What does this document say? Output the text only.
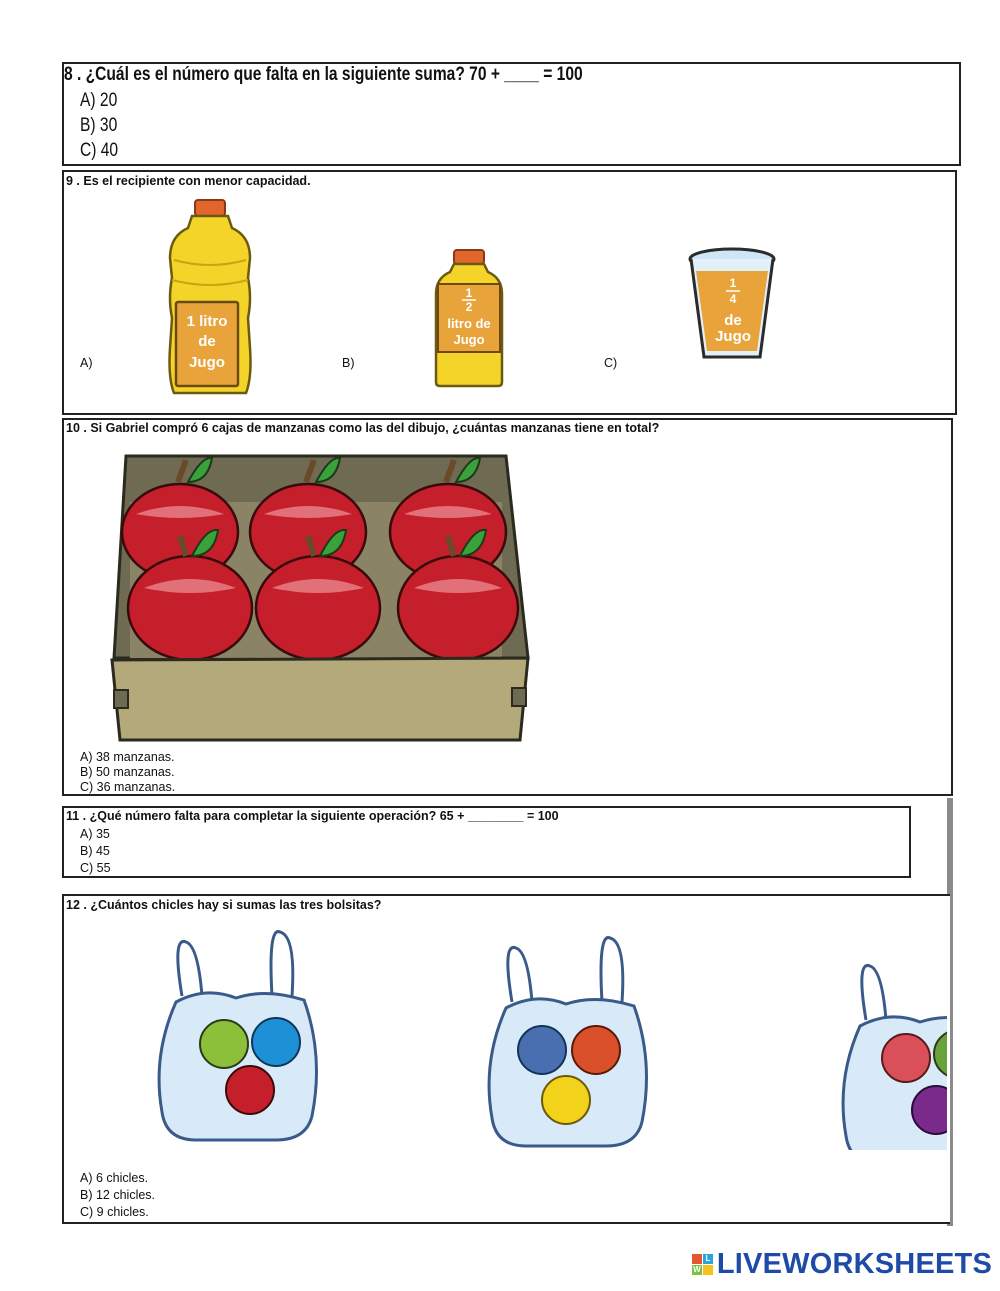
8 . ¿Cuál es el número que falta en la siguiente suma? 70 + ____ = 100
A) 20
B) 30
C) 40
9 . Es el recipiente con menor capacidad.
A)	B)	C)
1 litro
de
Jugo
1
2
litro de
Jugo
1
4
de
Jugo
10 . Si Gabriel compró 6 cajas de manzanas como las del dibujo, ¿cuántas manzanas tiene en total?
A) 38 manzanas.
B) 50 manzanas.
C) 36 manzanas.
11 . ¿Qué número falta para completar la siguiente operación? 65 + ________ = 100
A) 35
B) 45
C) 55
12 . ¿Cuántos chicles hay si sumas las tres bolsitas?
A) 6 chicles.
B) 12 chicles.
C) 9 chicles.
L
W LIVEWORKSHEETS
